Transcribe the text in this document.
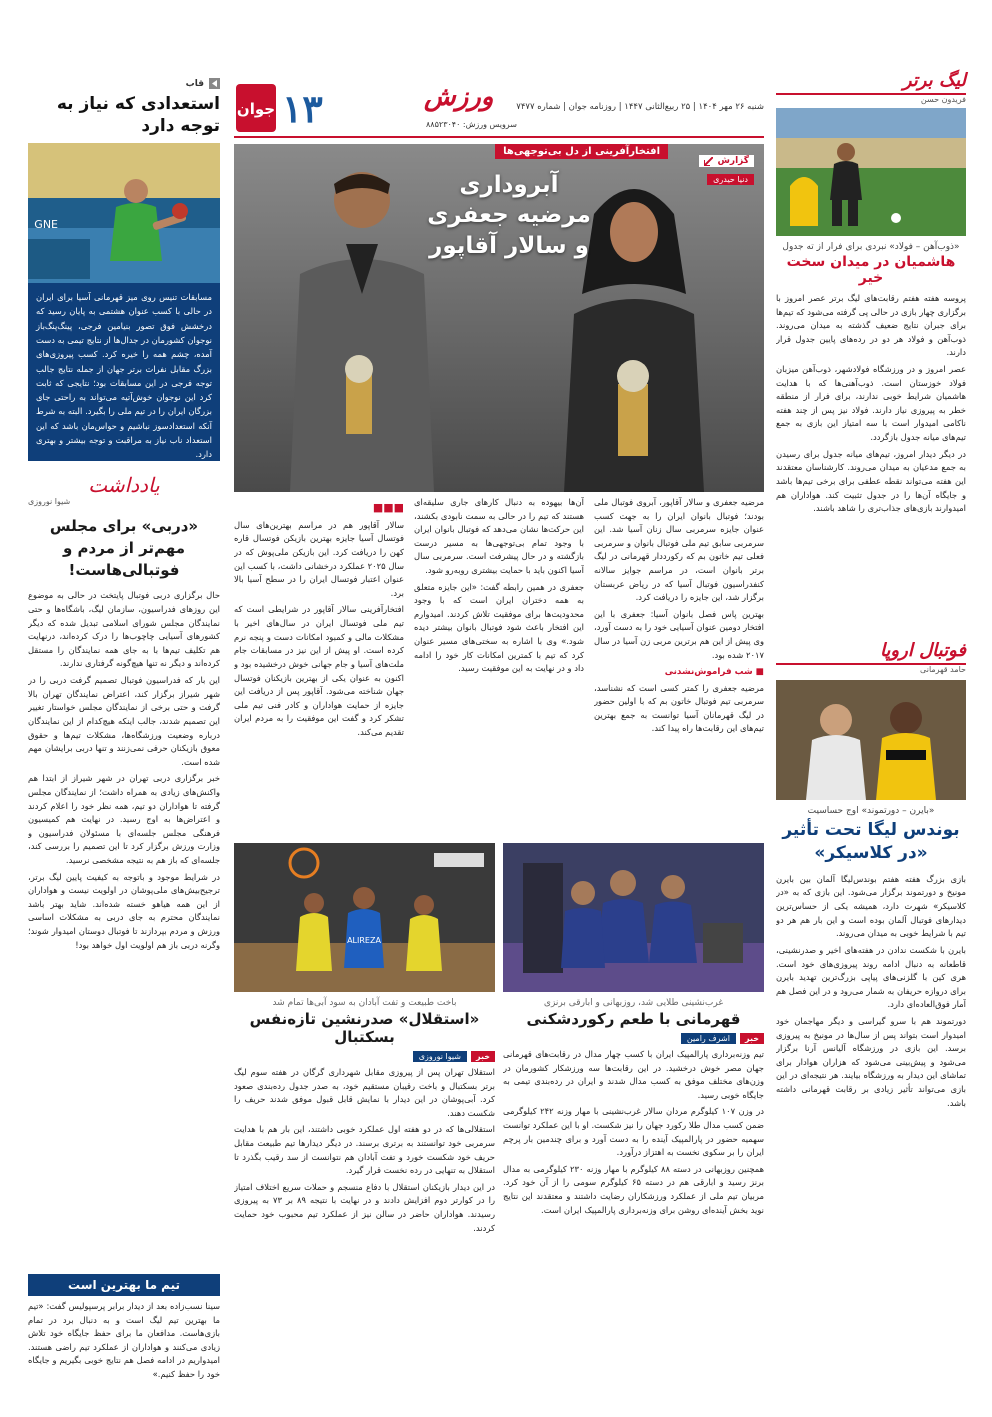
قاب
استعدادی که نیاز به توجه دارد
GNE
مسابقات تنیس روی میز قهرمانی آسیا برای ایران در حالی با کسب عنوان هشتمی به پایان رسید که درخشش فوق تصور بنیامین فرجی، پینگ‌پنگ‌باز نوجوان کشورمان در جدال‌ها از نتایج تیمی به دست آمده، چشم همه را خیره کرد. کسب پیروزی‌های بزرگ مقابل نفرات برتر جهان از جمله نتایج جالب توجه فرجی در این مسابقات بود؛ نتایجی که ثابت کرد این نوجوان خوش‌آتیه می‌تواند به راحتی جای بزرگان ایران را در تیم ملی را بگیرد. البته به شرط آنکه استعداد‌سوز نباشیم و حواس‌مان باشد که این استعداد ناب نیاز به مراقبت و توجه بیشتر و بهتری دارد.
یادداشت
شیوا نوروزی
«دربی» برای مجلس مهم‌تر از مردم و فوتبالی‌هاست!

حال برگزاری دربی فوتبال پایتخت در حالی به موضوع این روزهای فدراسیون، سازمان لیگ، باشگاه‌ها و حتی نمایندگان مجلس شورای اسلامی تبدیل شده که دیگر کشورهای آسیایی چاچوب‌ها را درک کرده‌اند، درنهایت هم تکلیف تیم‌ها با به جای همه نمایندگان را مستقل کرده‌اند و دیگر نه تنها هیچ‌گونه گرفتاری ندارند.

این بار که فدراسیون فوتبال تصمیم گرفت دربی را در شهر شیراز برگزار کند، اعتراض نمایندگان تهران بالا گرفت و حتی برخی از نمایندگان مجلس خواستار تغییر این تصمیم شدند، جالب اینکه هیچ‌کدام از این نمایندگان درباره وضعیت ورزشگاه‌ها، مشکلات تیم‌ها و حقوق معوق بازیکنان حرفی نمی‌زنند و تنها دربی برایشان مهم شده است.

خبر برگزاری دربی تهران در شهر شیراز از ابتدا هم واکنش‌های زیادی به همراه داشت؛ از نمایندگان مجلس گرفته تا هواداران دو تیم، همه نظر خود را اعلام کردند و اعتراض‌ها به اوج رسید. در نهایت هم کمیسیون فرهنگی مجلس جلسه‌ای با مسئولان فدراسیون و وزارت ورزش برگزار کرد تا این تصمیم را بررسی کند، جلسه‌ای که باز هم به نتیجه مشخصی نرسید.

در شرایط موجود و باتوجه به کیفیت پایین لیگ برتر، ترجیح‌بیش‌های ملی‌پوشان در اولویت نیست و هواداران از این همه هیاهو خسته شده‌اند. شاید بهتر باشد نمایندگان محترم به جای دربی به مشکلات اساسی ورزش و مردم بپردازند تا فوتبال دوستان امیدوار شوند؛ وگرنه دربی باز هم اولویت اول خواهد بود!

تیم ما بهترین است
سینا نسب‌زاده بعد از دیدار برابر پرسپولیس گفت: «تیم ما بهترین تیم لیگ است و به دنبال برد در تمام بازی‌هاست. مدافعان ما برای حفظ جایگاه خود تلاش زیادی می‌کنند و هواداران از عملکرد تیم راضی هستند. امیدواریم در ادامه فصل هم نتایج خوبی بگیریم و جایگاه خود را حفظ کنیم.»
شنبه ۲۶ مهر ۱۴۰۴ | ۲۵ ربیع‌الثانی ۱۴۴۷ | روزنامه جوان | شماره ۷۴۷۷
ورزش
سرویس ورزش: ۸۸۵۲۳۰۴۰
۱۳
جوان
افتخارآفرینی از دل بی‌توجهی‌ها
گزارش

دنیا حیدری
آبروداری
مرضیه جعفری
و سالار آقاپور

مرضیه جعفری و سالار آقاپور، آبروی فوتبال ملی بودند؛ فوتبال بانوان ایران را به جهت کسب عنوان جایزه سرمربی سال زنان آسیا شد. این سرمربی سابق تیم ملی فوتبال بانوان و سرمربی فعلی تیم خاتون بم که رکورددار قهرمانی در لیگ برتر بانوان است، در مراسم جوایز سالانه کنفدراسیون فوتبال آسیا که در ریاض عربستان برگزار شد، این جایزه را دریافت کرد.

بهترین پاس فصل بانوان آسیا: جعفری با این افتخار دومین عنوان آسیایی خود را به دست آورد، وی پیش از این هم برترین مربی زن آسیا در سال ۲۰۱۷ شده بود.

■ شب فراموش‌نشدنی

مرضیه جعفری را کمتر کسی است که نشناسد، سرمربی تیم فوتبال خاتون بم که با اولین حضور در لیگ قهرمانان آسیا توانست به جمع بهترین تیم‌های این رقابت‌ها راه پیدا کند.

آن‌ها بیهوده به دنبال کارهای جاری سلیقه‌ای هستند که تیم را در حالی به سمت نابودی بکشند، این حرکت‌ها نشان می‌دهد که فوتبال بانوان ایران با وجود تمام بی‌توجهی‌ها به مسیر درست بازگشته و در حال پیشرفت است. سرمربی سال آسیا اکنون باید با حمایت بیشتری روبه‌رو شود.

جعفری در همین رابطه گفت: «این جایزه متعلق به همه دختران ایران است که با وجود محدودیت‌ها برای موفقیت تلاش کردند. امیدوارم این افتخار باعث شود فوتبال بانوان بیشتر دیده شود.» وی با اشاره به سختی‌های مسیر عنوان کرد که تیم با کمترین امکانات کار خود را ادامه داد و در نهایت به این موفقیت رسید.

■■■

سالار آقاپور هم در مراسم بهترین‌های سال فوتسال آسیا جایزه بهترین بازیکن فوتسال قاره کهن را دریافت کرد. این بازیکن ملی‌پوش که در سال ۲۰۲۵ عملکرد درخشانی داشت، با کسب این عنوان اعتبار فوتسال ایران را در سطح آسیا بالا برد.

افتخارآفرینی سالار آقاپور در شرایطی است که تیم ملی فوتسال ایران در سال‌های اخیر با مشکلات مالی و کمبود امکانات دست و پنجه نرم کرده است. او پیش از این نیز در مسابقات جام ملت‌های آسیا و جام جهانی خوش درخشیده بود و اکنون به عنوان یکی از بهترین بازیکنان فوتسال جهان شناخته می‌شود. آقاپور پس از دریافت این جایزه از حمایت هواداران و کادر فنی تیم ملی تشکر کرد و گفت این موفقیت را به مردم ایران تقدیم می‌کند.

ALIREZA
غرب‌نشینی طلایی شد، روزبهانی و ابارقی برنزی
قهرمانی با طعم رکوردشکنی
خبر
اشرف رامین

تیم وزنه‌برداری پارالمپیک ایران با کسب چهار مدال در رقابت‌های قهرمانی جهان مصر خوش درخشید. در این رقابت‌ها سه ورزشکار کشورمان در وزن‌های مختلف موفق به کسب مدال شدند و ایران در رده‌بندی تیمی به جایگاه خوبی رسید.

در وزن ۱۰۷ کیلوگرم مردان سالار غرب‌نشینی با مهار وزنه ۲۴۲ کیلوگرمی ضمن کسب مدال طلا رکورد جهان را نیز شکست. او با این عملکرد توانست سهمیه حضور در پارالمپیک آینده را به دست آورد و برای چندمین بار پرچم ایران را بر سکوی نخست به اهتزاز درآورد.

همچنین روزبهانی در دسته ۸۸ کیلوگرم با مهار وزنه ۲۳۰ کیلوگرمی به مدال برنز رسید و ابارقی هم در دسته ۶۵ کیلوگرم سومی را از آن خود کرد. مربیان تیم ملی از عملکرد ورزشکاران رضایت داشتند و معتقدند این نتایج نوید بخش آینده‌ای روشن برای وزنه‌برداری پارالمپیک ایران است.

باخت طبیعت و تفت آبادان به سود آبی‌ها تمام شد
«استقلال» صدرنشین تازه‌نفس بسکتبال
خبر
شیوا نوروزی

استقلال تهران پس از پیروزی مقابل شهرداری گرگان در هفته سوم لیگ برتر بسکتبال و باخت رقیبان مستقیم خود، به صدر جدول رده‌بندی صعود کرد. آبی‌پوشان در این دیدار با نمایش قابل قبول موفق شدند حریف را شکست دهند.

استقلالی‌ها که در دو هفته اول عملکرد خوبی داشتند، این بار هم با هدایت سرمربی خود توانستند به برتری برسند. در دیگر دیدارها تیم طبیعت مقابل حریف خود شکست خورد و تفت آبادان هم نتوانست از سد رقیب بگذرد تا استقلال به تنهایی در رده نخست قرار گیرد.

در این دیدار بازیکنان استقلال با دفاع منسجم و حملات سریع اختلاف امتیاز را در کوارتر دوم افزایش دادند و در نهایت با نتیجه ۸۹ بر ۷۳ به پیروزی رسیدند. هواداران حاضر در سالن نیز از عملکرد تیم محبوب خود حمایت کردند.

لیگ برتر
فریدون حسن
«ذوب‌آهن – فولاد» نبردی برای فرار از ته جدول
هاشمیان در میدان سخت خیر

پروسه هفته هفتم رقابت‌های لیگ برتر عصر امروز با برگزاری چهار بازی در حالی پی گرفته می‌شود که تیم‌ها برای جبران نتایج ضعیف گذشته به میدان می‌روند. ذوب‌آهن و فولاد هر دو در رده‌های پایین جدول قرار دارند.

عصر امروز و در ورزشگاه فولادشهر، ذوب‌آهن میزبان فولاد خوزستان است. ذوب‌آهنی‌ها که با هدایت هاشمیان شرایط خوبی ندارند، برای فرار از منطقه خطر به پیروزی نیاز دارند. فولاد نیز پس از چند هفته ناکامی امیدوار است با سه امتیاز این بازی به جمع تیم‌های میانه جدول بازگردد.

در دیگر دیدار امروز، تیم‌های میانه جدول برای رسیدن به جمع مدعیان به میدان می‌روند. کارشناسان معتقدند این هفته می‌تواند نقطه عطفی برای برخی تیم‌ها باشد و جایگاه آن‌ها را در جدول تثبیت کند. هواداران هم امیدوارند بازی‌های جذاب‌تری را شاهد باشند.

فوتبال اروپا
حامد قهرمانی
«بایرن – دورتموند» اوج حساسیت
بوندس لیگا تحت تأثیر «در کلاسیکر»

بازی بزرگ هفته هفتم بوندس‌لیگا آلمان بین بایرن مونیخ و دورتموند برگزار می‌شود. این بازی که به «در کلاسیکر» شهرت دارد، همیشه یکی از حساس‌ترین دیدارهای فوتبال آلمان بوده است و این بار هم هر دو تیم با شرایط خوبی به میدان می‌روند.

بایرن با شکست ندادن در هفته‌های اخیر و صدرنشینی، قاطعانه به دنبال ادامه روند پیروزی‌های خود است. هری کین با گلزنی‌های پیاپی بزرگ‌ترین تهدید بایرن برای دروازه حریفان به شمار می‌رود و در این فصل هم آمار فوق‌العاده‌ای دارد.

دورتموند هم با سرو گیراسی و دیگر مهاجمان خود امیدوار است بتواند پس از سال‌ها در مونیخ به پیروزی برسد. این بازی در ورزشگاه آلیانس آرنا برگزار می‌شود و پیش‌بینی می‌شود که هزاران هوادار برای تماشای این دیدار به ورزشگاه بیایند. هر نتیجه‌ای در این بازی می‌تواند تأثیر زیادی بر رقابت قهرمانی داشته باشد.
